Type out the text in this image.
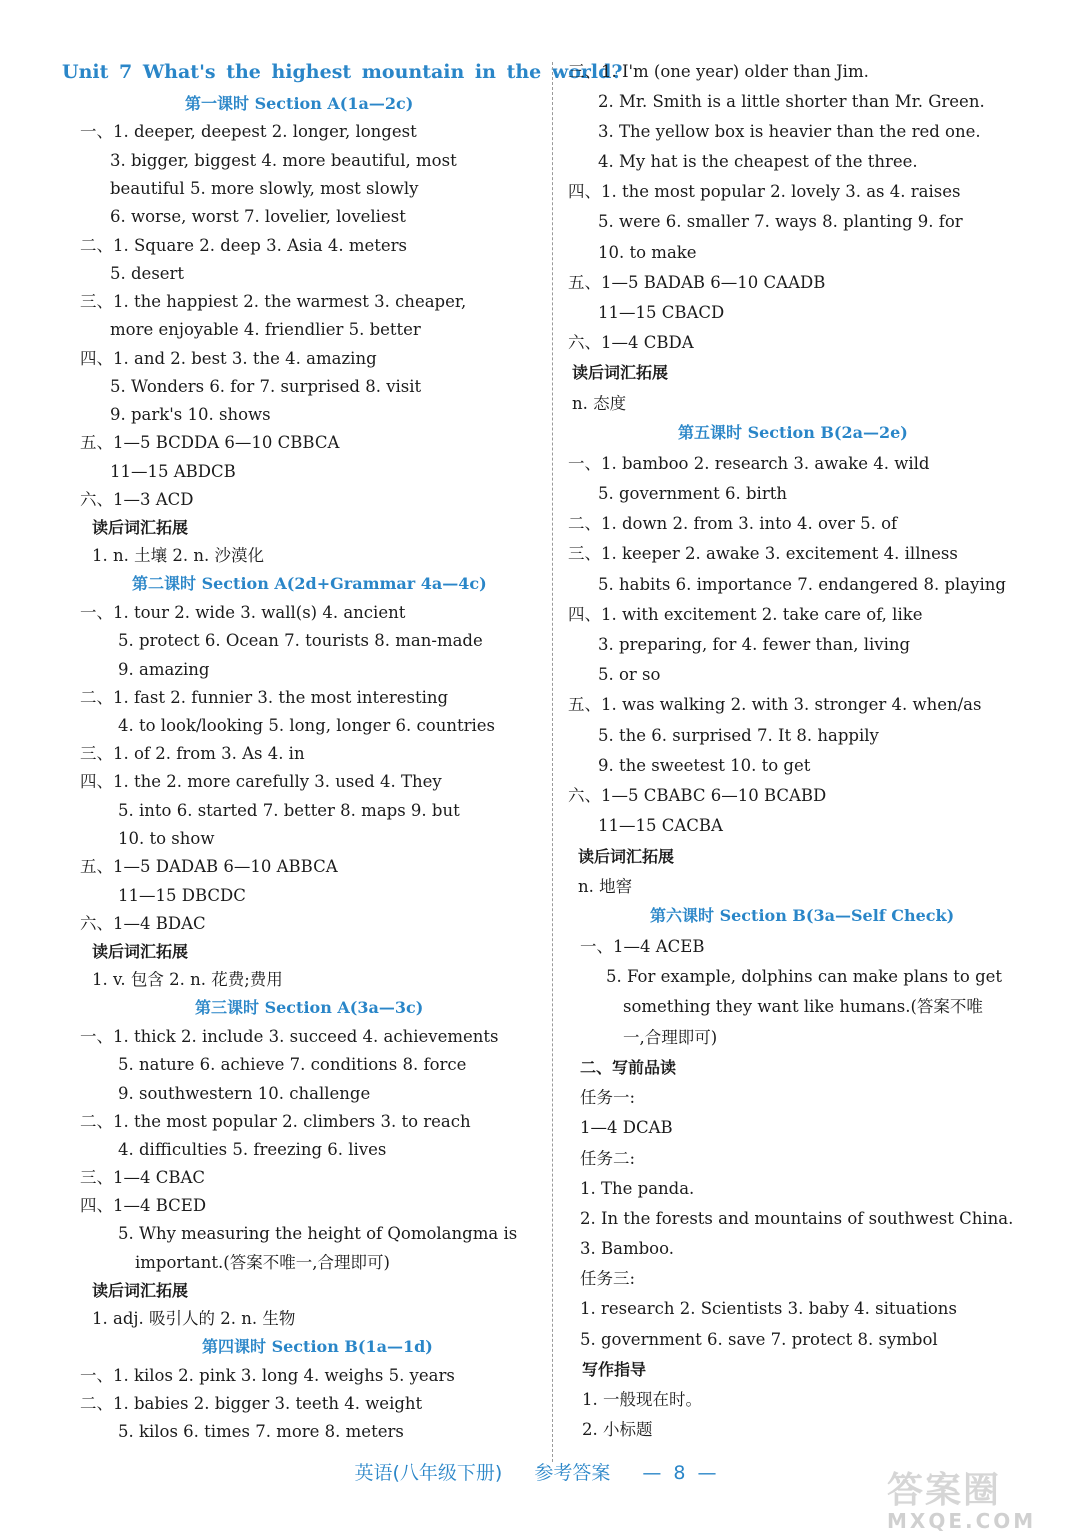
Unit 7 What's the highest mountain in the world?
第一课时 Section A(1a—2c)
一、1. deeper, deepest 2. longer, longest
3. bigger, biggest 4. more beautiful, most
beautiful 5. more slowly, most slowly
6. worse, worst 7. lovelier, loveliest
二、1. Square 2. deep 3. Asia 4. meters
5. desert
三、1. the happiest 2. the warmest 3. cheaper,
more enjoyable 4. friendlier 5. better
四、1. and 2. best 3. the 4. amazing
5. Wonders 6. for 7. surprised 8. visit
9. park's 10. shows
五、1—5 BCDDA 6—10 CBBCA
11—15 ABDCB
六、1—3 ACD
读后词汇拓展
1. n. 土壤 2. n. 沙漠化
第二课时 Section A(2d+Grammar 4a—4c)
一、1. tour 2. wide 3. wall(s) 4. ancient
5. protect 6. Ocean 7. tourists 8. man-made
9. amazing
二、1. fast 2. funnier 3. the most interesting
4. to look/looking 5. long, longer 6. countries
三、1. of 2. from 3. As 4. in
四、1. the 2. more carefully 3. used 4. They
5. into 6. started 7. better 8. maps 9. but
10. to show
五、1—5 DADAB 6—10 ABBCA
11—15 DBCDC
六、1—4 BDAC
读后词汇拓展
1. v. 包含 2. n. 花费;费用
第三课时 Section A(3a—3c)
一、1. thick 2. include 3. succeed 4. achievements
5. nature 6. achieve 7. conditions 8. force
9. southwestern 10. challenge
二、1. the most popular 2. climbers 3. to reach
4. difficulties 5. freezing 6. lives
三、1—4 CBAC
四、1—4 BCED
5. Why measuring the height of Qomolangma is
important.(答案不唯一,合理即可)
读后词汇拓展
1. adj. 吸引人的 2. n. 生物
第四课时 Section B(1a—1d)
一、1. kilos 2. pink 3. long 4. weighs 5. years
二、1. babies 2. bigger 3. teeth 4. weight
5. kilos 6. times 7. more 8. meters
三、1. I'm (one year) older than Jim.
2. Mr. Smith is a little shorter than Mr. Green.
3. The yellow box is heavier than the red one.
4. My hat is the cheapest of the three.
四、1. the most popular 2. lovely 3. as 4. raises
5. were 6. smaller 7. ways 8. planting 9. for
10. to make
五、1—5 BADAB 6—10 CAADB
11—15 CBACD
六、1—4 CBDA
读后词汇拓展
n. 态度
第五课时 Section B(2a—2e)
一、1. bamboo 2. research 3. awake 4. wild
5. government 6. birth
二、1. down 2. from 3. into 4. over 5. of
三、1. keeper 2. awake 3. excitement 4. illness
5. habits 6. importance 7. endangered 8. playing
四、1. with excitement 2. take care of, like
3. preparing, for 4. fewer than, living
5. or so
五、1. was walking 2. with 3. stronger 4. when/as
5. the 6. surprised 7. It 8. happily
9. the sweetest 10. to get
六、1—5 CBABC 6—10 BCABD
11—15 CACBA
读后词汇拓展
n. 地窖
第六课时 Section B(3a—Self Check)
一、1—4 ACEB
5. For example, dolphins can make plans to get
something they want like humans.(答案不唯
一,合理即可)
二、写前品读
任务一:
1—4 DCAB
任务二:
1. The panda.
2. In the forests and mountains of southwest China.
3. Bamboo.
任务三:
1. research 2. Scientists 3. baby 4. situations
5. government 6. save 7. protect 8. symbol
写作指导
1. 一般现在时。
2. 小标题
英语(八年级下册) 参考答案 — 8 —	答案圈
MXQE.COM
